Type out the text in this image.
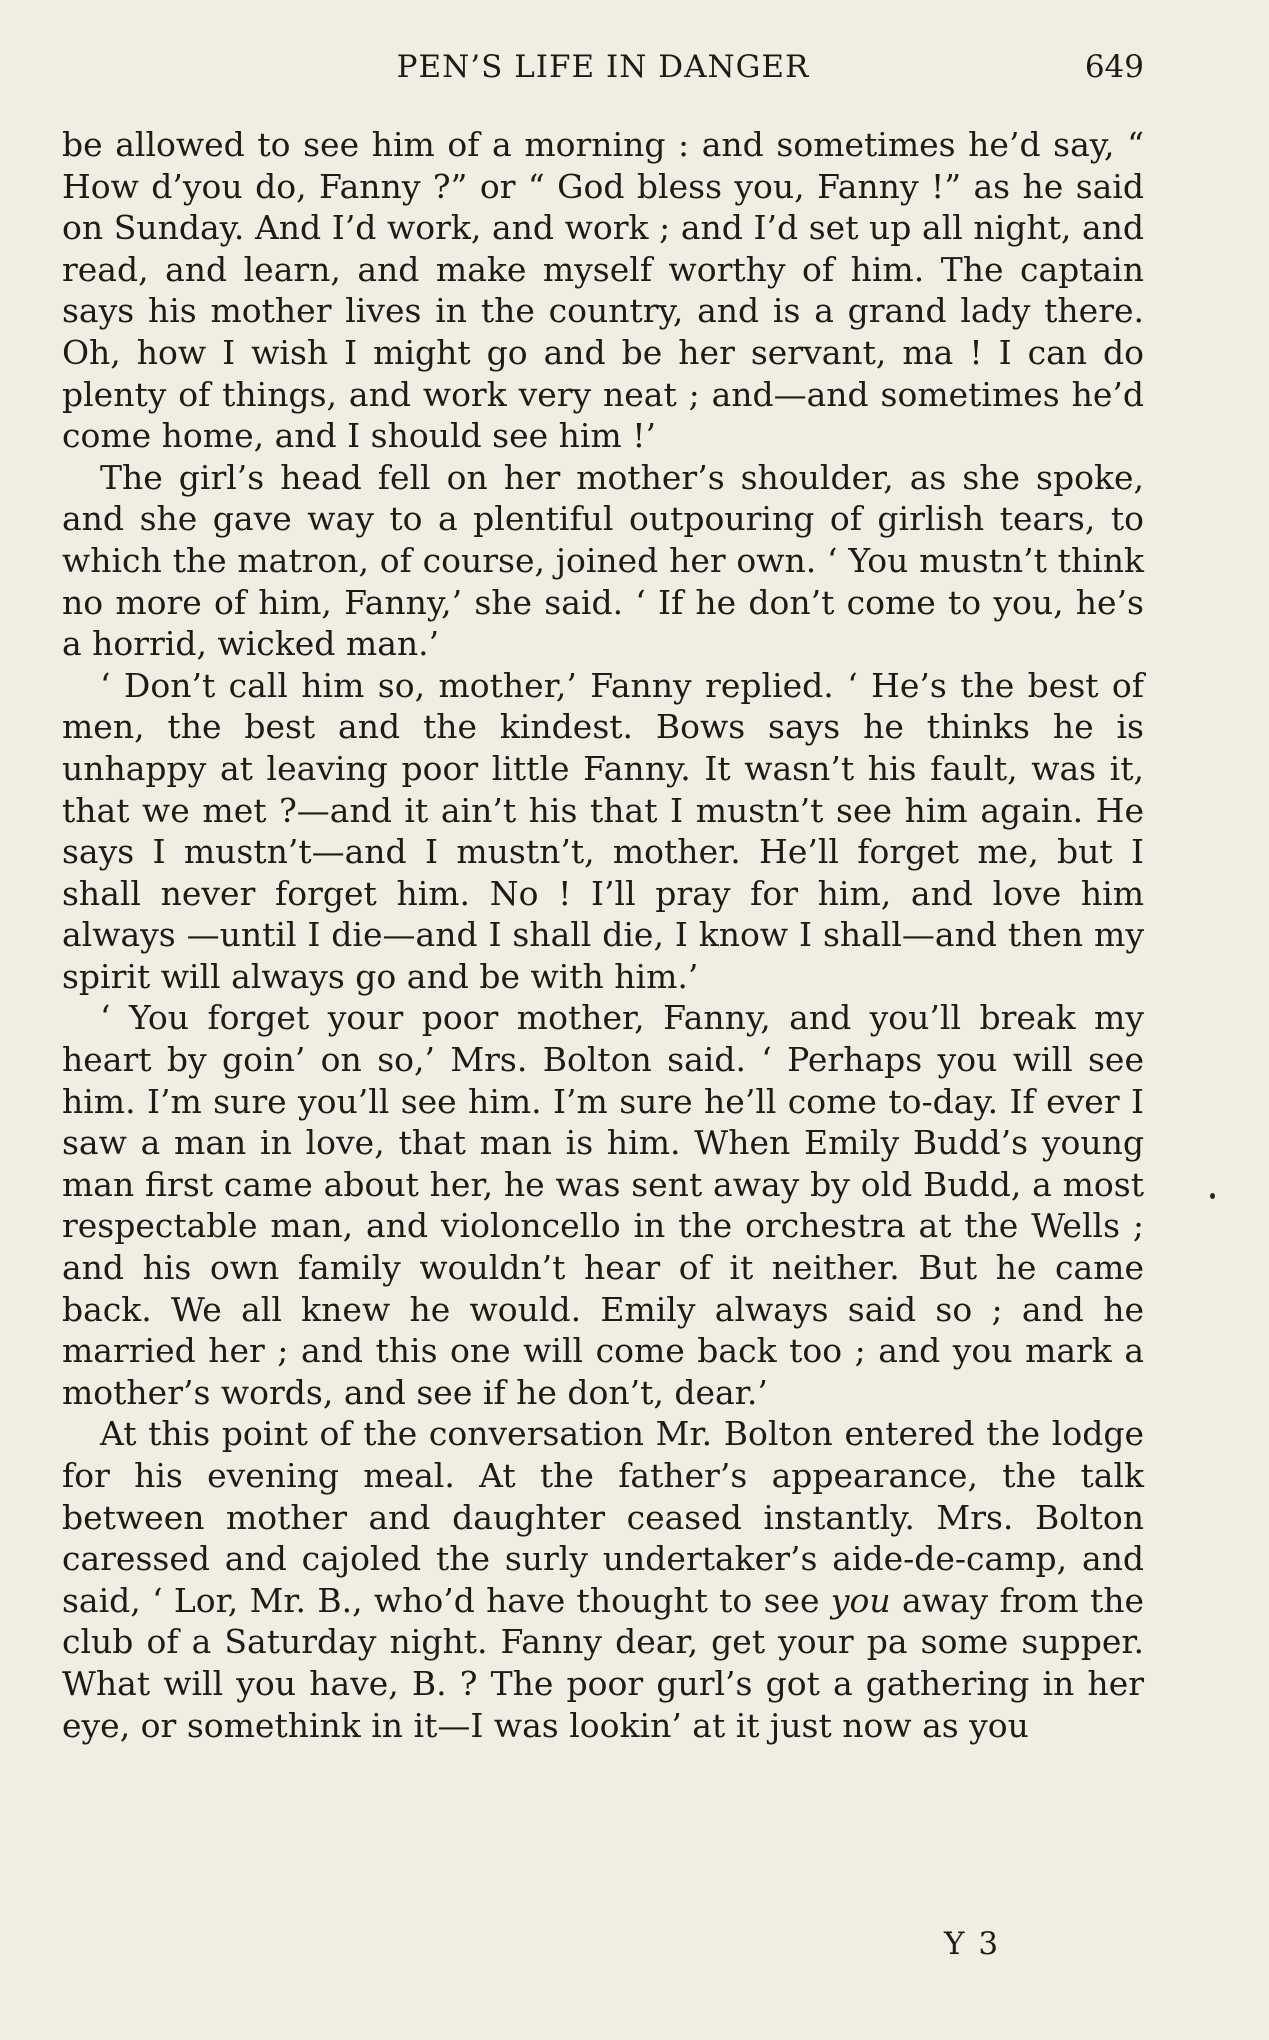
PEN’S LIFE IN DANGER	649

be allowed to see him of a morning : and sometimes he’d say, “ How d’you do, Fanny ?” or “ God bless you, Fanny !” as he said on Sunday. And I’d work, and work ; and I’d set up all night, and read, and learn, and make myself worthy of him. The captain says his mother lives in the country, and is a grand lady there. Oh, how I wish I might go and be her servant, ma ! I can do plenty of things, and work very neat ; and—and sometimes he’d come home, and I should see him !’

The girl’s head fell on her mother’s shoulder, as she spoke, and she gave way to a plentiful outpouring of girlish tears, to which the matron, of course, joined her own. ‘ You mustn’t think no more of him, Fanny,’ she said. ‘ If he don’t come to you, he’s a horrid, wicked man.’

‘ Don’t call him so, mother,’ Fanny replied. ‘ He’s the best of men, the best and the kindest. Bows says he thinks he is unhappy at leaving poor little Fanny. It wasn’t his fault, was it, that we met ?—and it ain’t his that I mustn’t see him again. He says I mustn’t—and I mustn’t, mother. He’ll forget me, but I shall never forget him. No ! I’ll pray for him, and love him always —until I die—and I shall die, I know I shall—and then my spirit will always go and be with him.’

‘ You forget your poor mother, Fanny, and you’ll break my heart by goin’ on so,’ Mrs. Bolton said. ‘ Perhaps you will see him. I’m sure you’ll see him. I’m sure he’ll come to-day. If ever I saw a man in love, that man is him. When Emily Budd’s young man first came about her, he was sent away by old Budd, a most respectable man, and violoncello in the orchestra at the Wells ; and his own family wouldn’t hear of it neither. But he came back. We all knew he would. Emily always said so ; and he married her ; and this one will come back too ; and you mark a mother’s words, and see if he don’t, dear.’

At this point of the conversation Mr. Bolton entered the lodge for his evening meal. At the father’s appearance, the talk between mother and daughter ceased instantly. Mrs. Bolton caressed and cajoled the surly undertaker’s aide-de-camp, and said, ‘ Lor, Mr. B., who’d have thought to see you away from the club of a Saturday night. Fanny dear, get your pa some supper. What will you have, B. ? The poor gurl’s got a gathering in her eye, or somethink in it—I was lookin’ at it just now as you

Y 3
